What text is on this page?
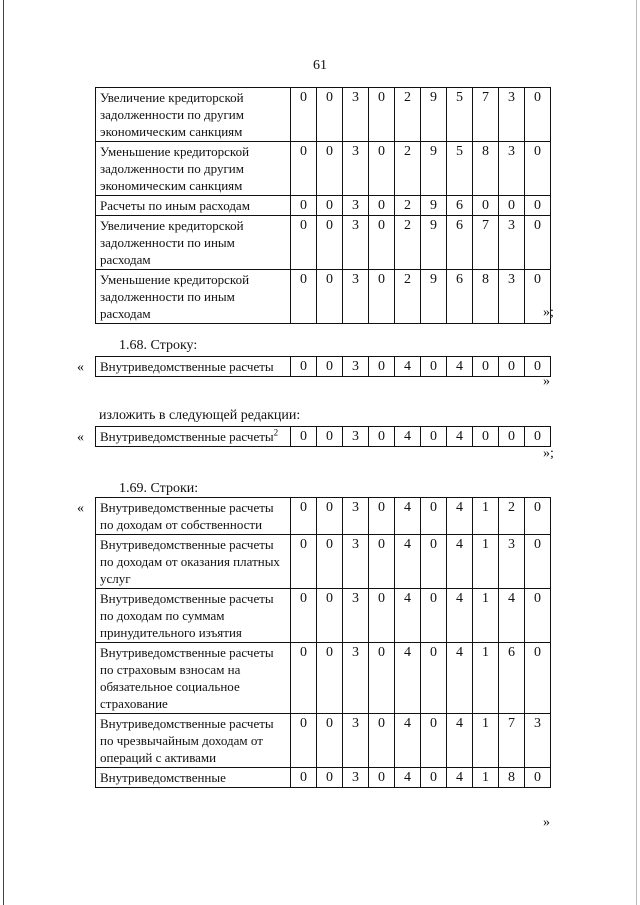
61
Увеличение кредиторской задолженности по другим экономическим санкциям	0	0	3	0	2	9	5	7	3	0
Уменьшение кредиторской задолженности по другим экономическим санкциям	0	0	3	0	2	9	5	8	3	0
Расчеты по иным расходам	0	0	3	0	2	9	6	0	0	0
Увеличение кредиторской задолженности по иным расходам	0	0	3	0	2	9	6	7	3	0
Уменьшение кредиторской задолженности по иным расходам	0	0	3	0	2	9	6	8	3	0
»;
1.68. Строку:
« Внутриведомственные расчеты	0	0	3	0	4	0	4	0	0	0
»
изложить в следующей редакции:
« Внутриведомственные расчеты$^2$	0	0	3	0	4	0	4	0	0	0
»;
1.69. Строки:
« Внутриведомственные расчеты по доходам от собственности	0	0	3	0	4	0	4	1	2	0
Внутриведомственные расчеты по доходам от оказания платных услуг	0	0	3	0	4	0	4	1	3	0
Внутриведомственные расчеты по доходам по суммам принудительного изъятия	0	0	3	0	4	0	4	1	4	0
Внутриведомственные расчеты по страховым взносам на обязательное социальное страхование	0	0	3	0	4	0	4	1	6	0
Внутриведомственные расчеты по чрезвычайным доходам от операций с активами	0	0	3	0	4	0	4	1	7	3
Внутриведомственные	0	0	3	0	4	0	4	1	8	0
»
